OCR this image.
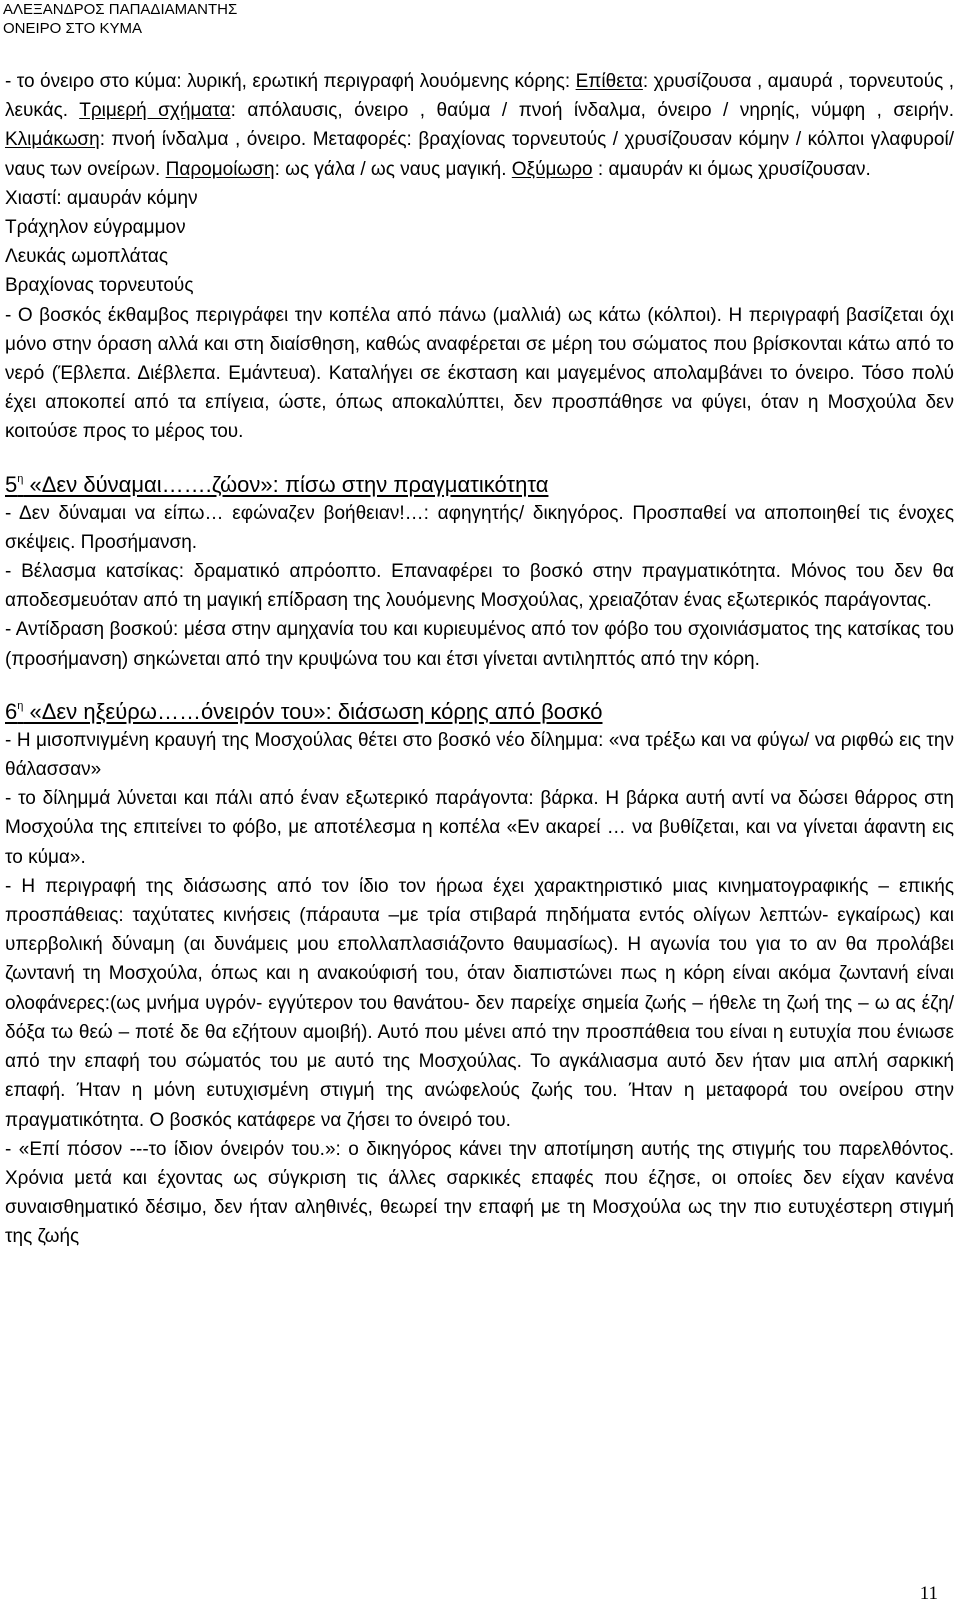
ΑΛΕΞΑΝΔΡΟΣ ΠΑΠΑΔΙΑΜΑΝΤΗΣ
ΟΝΕΙΡΟ ΣΤΟ ΚΥΜΑ

- το όνειρο στο κύμα: λυρική, ερωτική περιγραφή λουόμενης κόρης: Επίθετα: χρυσίζουσα , αμαυρά , τορνευτούς , λευκάς. Τριμερή σχήματα: απόλαυσις, όνειρο , θαύμα / πνοή ίνδαλμα, όνειρο / νηρηίς, νύμφη , σειρήν. Κλιμάκωση: πνοή ίνδαλμα , όνειρο. Μεταφορές: βραχίονας τορνευτούς / χρυσίζουσαν κόμην / κόλποι γλαφυροί/ ναυς των ονείρων. Παρομοίωση: ως γάλα / ως ναυς μαγική. Οξύμωρο : αμαυράν κι όμως χρυσίζουσαν.

Χιαστί: αμαυράν κόμην

Τράχηλον εύγραμμον

Λευκάς ωμοπλάτας

Βραχίονας τορνευτούς

- Ο βοσκός έκθαμβος περιγράφει την κοπέλα από πάνω (μαλλιά) ως κάτω (κόλποι). Η περιγραφή βασίζεται όχι μόνο στην όραση αλλά και στη διαίσθηση, καθώς αναφέρεται σε μέρη του σώματος που βρίσκονται κάτω από το νερό (Έβλεπα. Διέβλεπα. Εμάντευα). Καταλήγει σε έκσταση και μαγεμένος απολαμβάνει το όνειρο. Τόσο πολύ έχει αποκοπεί από τα επίγεια, ώστε, όπως αποκαλύπτει, δεν προσπάθησε να φύγει, όταν η Μοσχούλα δεν κοιτούσε προς το μέρος του.

$5^\eta$ «Δεν δύναμαι…….ζώον»: πίσω στην πραγματικότητα

- Δεν δύναμαι να είπω… εφώναζεν βοήθειαν!…: αφηγητής/ δικηγόρος. Προσπαθεί να αποποιηθεί τις ένοχες σκέψεις. Προσήμανση.

- Βέλασμα κατσίκας: δραματικό απρόοπτο. Επαναφέρει το βοσκό στην πραγματικότητα. Μόνος του δεν θα αποδεσμευόταν από τη μαγική επίδραση της λουόμενης Μοσχούλας, χρειαζόταν ένας εξωτερικός παράγοντας.

- Αντίδραση βοσκού: μέσα στην αμηχανία του και κυριευμένος από τον φόβο του σχοινιάσματος της κατσίκας του (προσήμανση) σηκώνεται από την κρυψώνα του και έτσι γίνεται αντιληπτός από την κόρη.

$6^\eta$ «Δεν ηξεύρω……όνειρόν του»: διάσωση κόρης από βοσκό

- Η μισοπνιγμένη κραυγή της Μοσχούλας θέτει στο βοσκό νέο δίλημμα: «να τρέξω και να φύγω/ να ριφθώ εις την θάλασσαν»

- το δίλημμά λύνεται και πάλι από έναν εξωτερικό παράγοντα: βάρκα. Η βάρκα αυτή αντί να δώσει θάρρος στη Μοσχούλα της επιτείνει το φόβο, με αποτέλεσμα η κοπέλα «Εν ακαρεί … να βυθίζεται, και να γίνεται άφαντη εις το κύμα».

- Η περιγραφή της διάσωσης από τον ίδιο τον ήρωα έχει χαρακτηριστικό μιας κινηματογραφικής – επικής προσπάθειας: ταχύτατες κινήσεις (πάραυτα –με τρία στιβαρά πηδήματα εντός ολίγων λεπτών- εγκαίρως) και υπερβολική δύναμη (αι δυνάμεις μου επολλαπλασιάζοντο θαυμασίως). Η αγωνία του για το αν θα προλάβει ζωντανή τη Μοσχούλα, όπως και η ανακούφισή του, όταν διαπιστώνει πως η κόρη είναι ακόμα ζωντανή είναι ολοφάνερες:(ως μνήμα υγρόν- εγγύτερον του θανάτου- δεν παρείχε σημεία ζωής – ήθελε τη ζωή της – ω ας έζη/ δόξα τω θεώ – ποτέ δε θα εζήτουν αμοιβή). Αυτό που μένει από την προσπάθεια του είναι η ευτυχία που ένιωσε από την επαφή του σώματός του με αυτό της Μοσχούλας. Το αγκάλιασμα αυτό δεν ήταν μια απλή σαρκική επαφή. Ήταν η μόνη ευτυχισμένη στιγμή της ανώφελούς ζωής του. Ήταν η μεταφορά του ονείρου στην πραγματικότητα. Ο βοσκός κατάφερε να ζήσει το όνειρό του.

- «Επί πόσον ---το ίδιον όνειρόν του.»: ο δικηγόρος κάνει την αποτίμηση αυτής της στιγμής του παρελθόντος. Χρόνια μετά και έχοντας ως σύγκριση τις άλλες σαρκικές επαφές που έζησε, οι οποίες δεν είχαν κανένα συναισθηματικό δέσιμο, δεν ήταν αληθινές, θεωρεί την επαφή με τη Μοσχούλα ως την πιο ευτυχέστερη στιγμή της ζωής

11
